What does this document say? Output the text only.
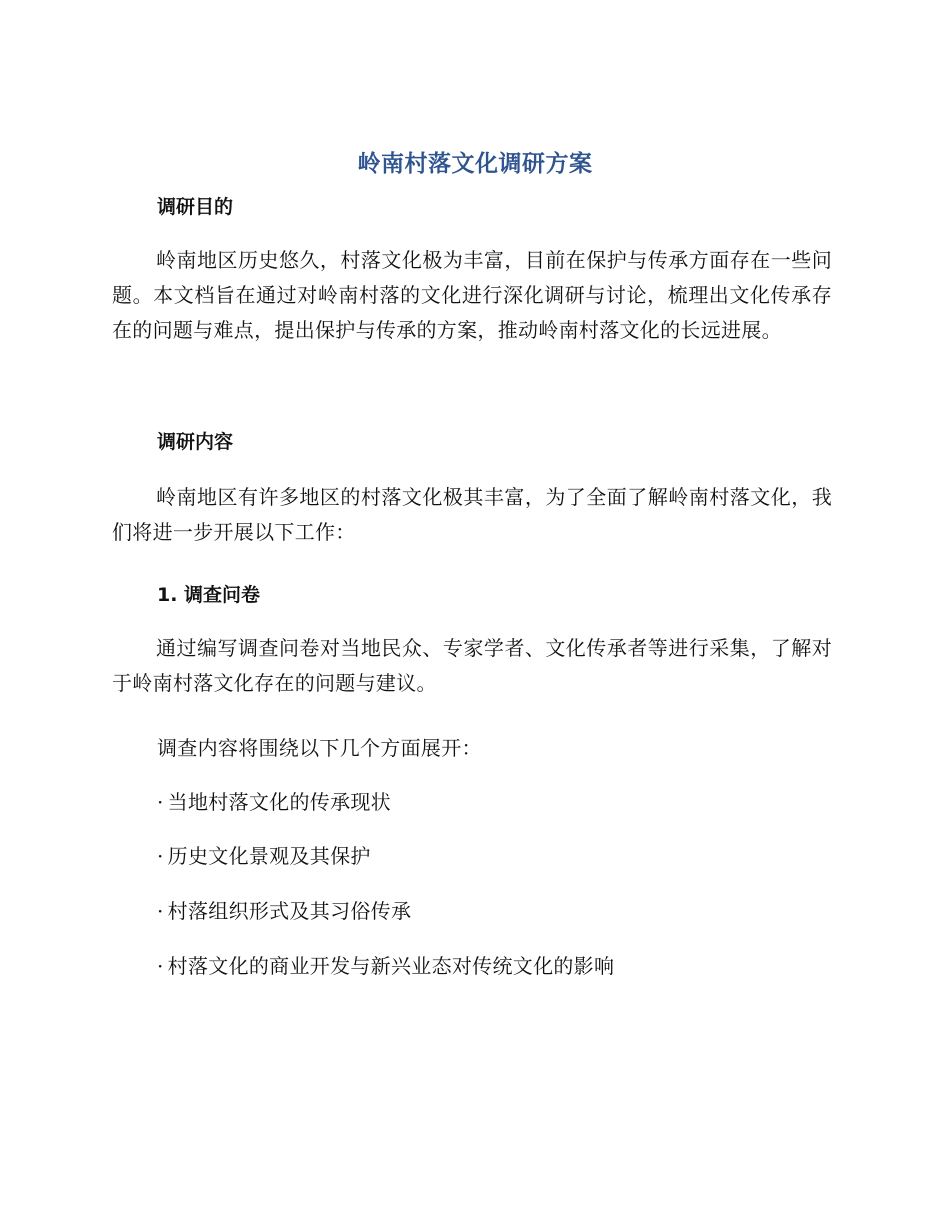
岭南村落文化调研方案
调研目的
岭南地区历史悠久，村落文化极为丰富，目前在保护与传承方面存在一些问题。本文档旨在通过对岭南村落的文化进行深化调研与讨论，梳理出文化传承存在的问题与难点，提出保护与传承的方案，推动岭南村落文化的长远进展。
调研内容
岭南地区有许多地区的村落文化极其丰富，为了全面了解岭南村落文化，我们将进一步开展以下工作：
1. 调查问卷
通过编写调查问卷对当地民众、专家学者、文化传承者等进行采集，了解对于岭南村落文化存在的问题与建议。
调查内容将围绕以下几个方面展开：
· 当地村落文化的传承现状
· 历史文化景观及其保护
· 村落组织形式及其习俗传承
· 村落文化的商业开发与新兴业态对传统文化的影响
